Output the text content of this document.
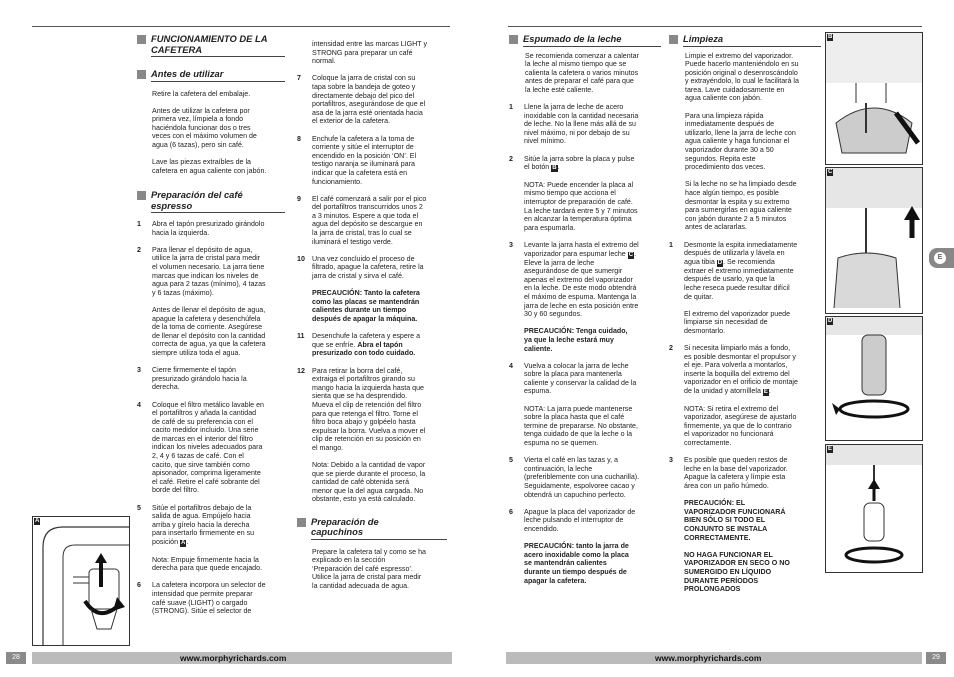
FUNCIONAMIENTO DE LA
CAFETERA
Antes de utilizar

Retire la cafetera del embalaje.

Antes de utilizar la cafetera por
primera vez, límpiela a fondo
haciéndola funcionar dos o tres
veces con el máximo volumen de
agua (6 tazas), pero sin café.

Lave las piezas extraíbles de la
cafetera en agua caliente con jabón.

Preparación del café
espresso
1	Abra el tapón presurizado girándolo
hacia la izquierda.

2	Para llenar el depósito de agua,
utilice la jarra de cristal para medir
el volumen necesario. La jarra tiene
marcas que indican los niveles de
agua para 2 tazas (mínimo), 4 tazas
y 6 tazas (máximo).

Antes de llenar el depósito de agua,
apague la cafetera y desenchúfela
de la toma de corriente. Asegúrese
de llenar el depósito con la cantidad
correcta de agua, ya que la cafetera
siempre utiliza toda el agua.

3	Cierre firmemente el tapón
presurizado girándolo hacia la
derecha.

4	Coloque el filtro metálico lavable en
el portafiltros y añada la cantidad
de café de su preferencia con el
cacito medidor incluido. Una serie
de marcas en el interior del filtro
indican los niveles adecuados para
2, 4 y 6 tazas de café. Con el
cacito, que sirve también como
apisonador, comprima ligeramente
el café. Retire el café sobrante del
borde del filtro.

5	Sitúe el portafiltros debajo de la
salida de agua. Empújelo hacia
arriba y gírelo hacia la derecha
para insertarlo firmemente en su
posición A.

Nota: Empuje firmemente hacia la
derecha para que quede encajado.

6	La cafetera incorpora un selector de
intensidad que permite preparar
café suave (LIGHT) o cargado
(STRONG). Sitúe el selector de

intensidad entre las marcas LIGHT y
STRONG para preparar un café
normal.

7	Coloque la jarra de cristal con su
tapa sobre la bandeja de goteo y
directamente debajo del pico del
portafiltros, asegurándose de que el
asa de la jarra esté orientada hacia
el exterior de la cafetera.

8	Enchufe la cafetera a la toma de
corriente y sitúe el interruptor de
encendido en la posición ‘ON’. El
testigo naranja se iluminará para
indicar que la cafetera está en
funcionamiento.

9	El café comenzará a salir por el pico
del portafiltros transcurridos unos 2
a 3 minutos. Espere a que toda el
agua del depósito se descargue en
la jarra de cristal, tras lo cual se
iluminará el testigo verde.

10	Una vez concluido el proceso de
filtrado, apague la cafetera, retire la
jarra de cristal y sirva el café.

PRECAUCIÓN: Tanto la cafetera
como las placas se mantendrán
calientes durante un tiempo
después de apagar la máquina.

11	Desenchufe la cafetera y espere a
que se enfríe. Abra el tapón
presurizado con todo cuidado.

12	Para retirar la borra del café,
extraiga el portafiltros girando su
mango hacia la izquierda hasta que
sienta que se ha desprendido.
Mueva el clip de retención del filtro
para que retenga el filtro. Torne el
filtro boca abajo y golpéelo hasta
expulsar la borra. Vuelva a mover el
clip de retención en su posición en
el mango.

Nota: Debido a la cantidad de vapor
que se pierde durante el proceso, la
cantidad de café obtenida será
menor que la del agua cargada. No
obstante, esto ya está calculado.

Preparación de
capuchinos

Prepare la cafetera tal y como se ha
explicado en la sección
‘Preparación del café espresso’.
Utilice la jarra de cristal para medir
la cantidad adecuada de agua.

A
28	www.morphyrichards.com
Espumado de la leche

Se recomienda comenzar a calentar
la leche al mismo tiempo que se
calienta la cafetera o varios minutos
antes de preparar el café para que
la leche esté caliente.

1	Llene la jarra de leche de acero
inoxidable con la cantidad necesaria
de leche. No la llene más allá de su
nivel máximo, ni por debajo de su
nivel mínimo.

2	Sitúe la jarra sobre la placa y pulse
el botón B.

NOTA: Puede encender la placa al
mismo tiempo que acciona el
interruptor de preparación de café.
La leche tardará entre 5 y 7 minutos
en alcanzar la temperatura óptima
para espumarla.

3	Levante la jarra hasta el extremo del
vaporizador para espumar leche C.
Eleve la jarra de leche
asegurándose de que sumergir
apenas el extremo del vaporizador
en la leche. De este modo obtendrá
el máximo de espuma. Mantenga la
jarra de leche en esta posición entre
30 y 60 segundos.

PRECAUCIÓN: Tenga cuidado,
ya que la leche estará muy
caliente.

4	Vuelva a colocar la jarra de leche
sobre la placa para mantenerla
caliente y conservar la calidad de la
espuma.

NOTA: La jarra puede mantenerse
sobre la placa hasta que el café
termine de prepararse. No obstante,
tenga cuidado de que la leche o la
espuma no se quemen.

5	Vierta el café en las tazas y, a
continuación, la leche
(preferiblemente con una cucharilla).
Seguidamente, espolvoree cacao y
obtendrá un capuchino perfecto.

6	Apague la placa del vaporizador de
leche pulsando el interruptor de
encendido.

PRECAUCIÓN: tanto la jarra de
acero inoxidable como la placa
se mantendrán calientes
durante un tiempo después de
apagar la cafetera.

Limpieza

Limpie el extremo del vaporizador.
Puede hacerlo manteniéndolo en su
posición original o desenroscándolo
y extrayéndolo, lo cual le facilitará la
tarea. Lave cuidadosamente en
agua caliente con jabón.

Para una limpieza rápida
inmediatamente después de
utilizarlo, llene la jarra de leche con
agua caliente y haga funcionar el
vaporizador durante 30 a 50
segundos. Repita este
procedimiento dos veces.

Si la leche no se ha limpiado desde
hace algún tiempo, es posible
desmontar la espita y su extremo
para sumergirlas en agua caliente
con jabón durante 2 a 5 minutos
antes de aclararlas.

1	Desmonte la espita inmediatamente
después de utilizarla y lávela en
agua tibia D. Se recomienda
extraer el extremo inmediatamente
después de usarlo, ya que la
leche reseca puede resultar difícil
de quitar.

El extremo del vaporizador puede
limpiarse sin necesidad de
desmontarlo.

2	Si necesita limpiarlo más a fondo,
es posible desmontar el propulsor y
el eje. Para volverla a montarlos,
inserte la boquilla del extremo del
vaporizador en el orificio de montaje
de la unidad y atorníllela E.

NOTA: Si retira el extremo del
vaporizador, asegúrese de ajustarlo
firmemente, ya que de lo contrario
el vaporizador no funcionará
correctamente.

3	Es posible que queden restos de
leche en la base del vaporizador.
Apague la cafetera y límpie esta
área con un paño húmedo.

PRECAUCIÓN: EL
VAPORIZADOR FUNCIONARÁ
BIEN SÓLO SI TODO EL
CONJUNTO SE INSTALA
CORRECTAMENTE.

NO HAGA FUNCIONAR EL
VAPORIZADOR EN SECO O NO
SUMERGIDO EN LÍQUIDO
DURANTE PERÍODOS
PROLONGADOS

B
C
D
E
E
29
www.morphyrichards.com
